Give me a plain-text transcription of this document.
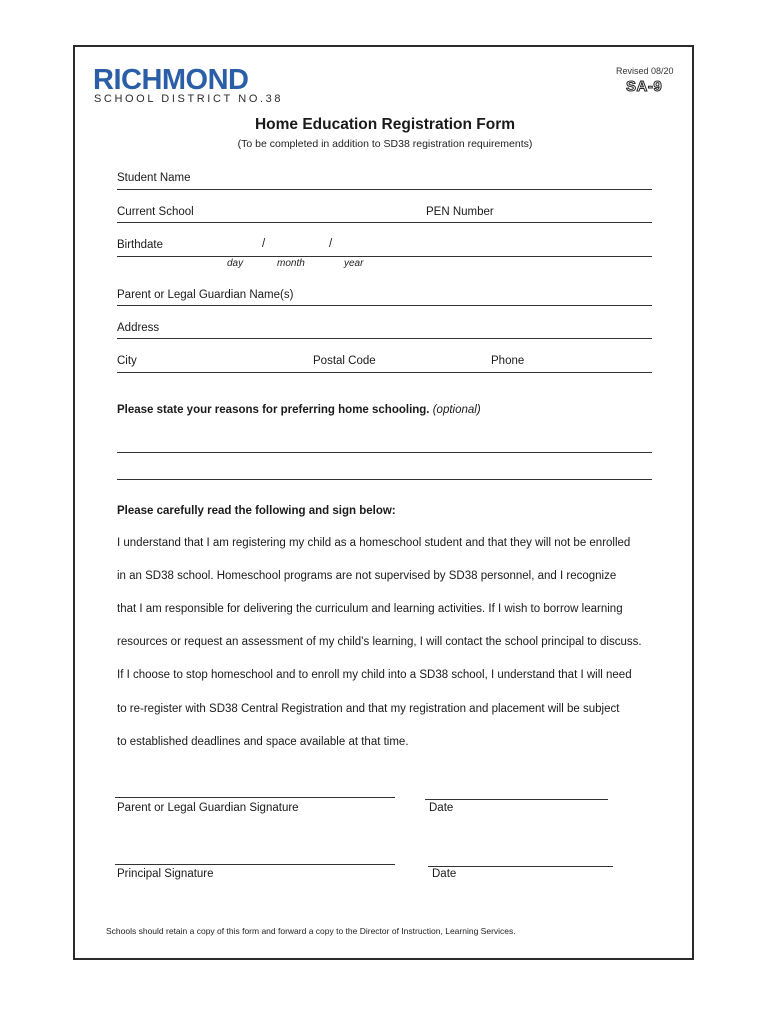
RICHMOND
SCHOOL DISTRICT NO.38
Revised 08/20
SA-9
Home Education Registration Form
(To be completed in addition to SD38 registration requirements)
Student Name
Current School	PEN Number
Birthdate	/	/
day	month	year
Parent or Legal Guardian Name(s)
Address
City	Postal Code	Phone
Please state your reasons for preferring home schooling. (optional)
Please carefully read the following and sign below:
I understand that I am registering my child as a homeschool student and that they will not be enrolled
in an SD38 school. Homeschool programs are not supervised by SD38 personnel, and I recognize
that I am responsible for delivering the curriculum and learning activities. If I wish to borrow learning
resources or request an assessment of my child’s learning, I will contact the school principal to discuss.
If I choose to stop homeschool and to enroll my child into a SD38 school, I understand that I will need
to re-register with SD38 Central Registration and that my registration and placement will be subject
to established deadlines and space available at that time.
Parent or Legal Guardian Signature	Date
Principal Signature	Date
Schools should retain a copy of this form and forward a copy to the Director of Instruction, Learning Services.
